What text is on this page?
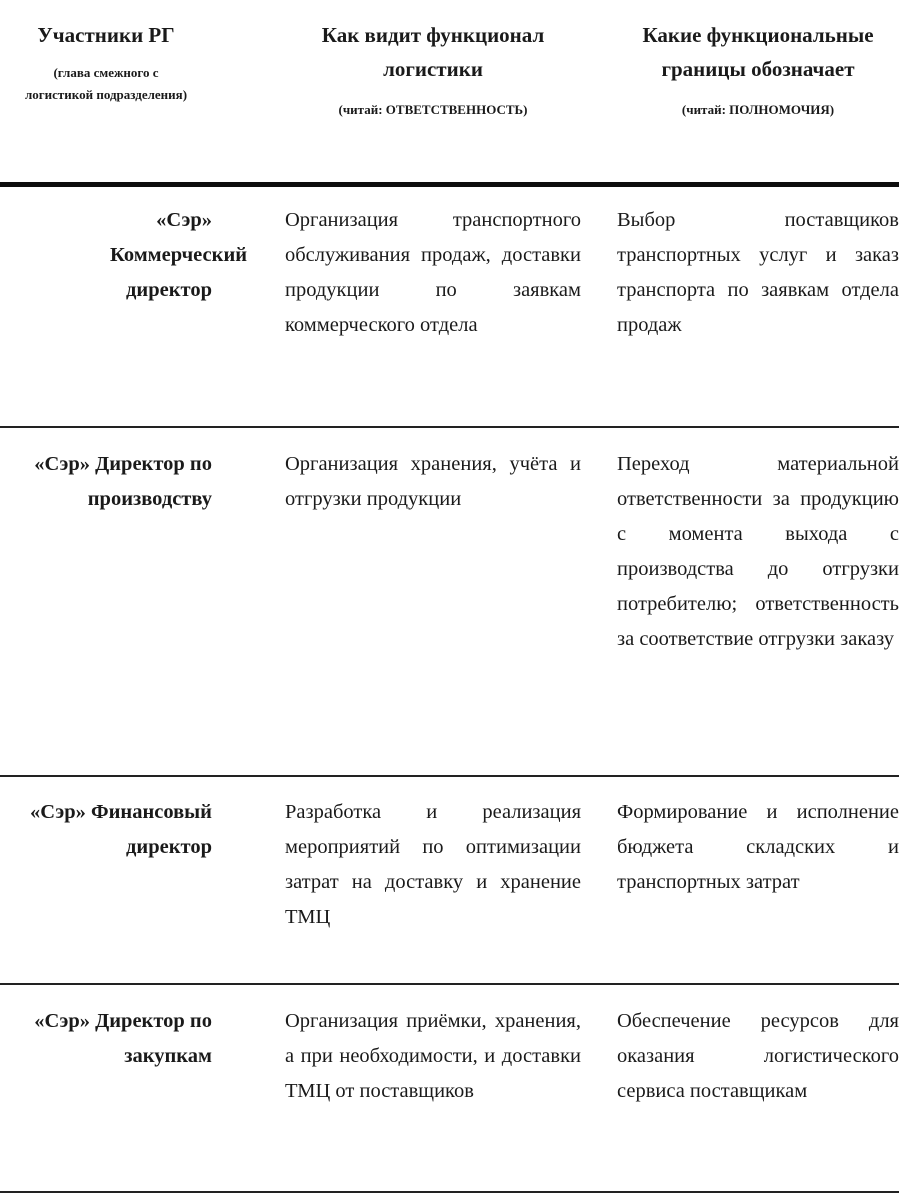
Участники РГ
(глава смежного с
логистикой подразделения)
Как видит функционал
логистики
(читай: ОТВЕТСТВЕННОСТЬ)
Какие функциональные
границы обозначает
(читай: ПОЛНОМОЧИЯ)
«Сэр» Коммерческий директор
Организация транспортного обслуживания продаж, доставки продукции по заявкам коммерческого отдела
Выбор поставщиков транспортных услуг и заказ транспорта по заявкам отдела продаж
«Сэр» Директор по производству
Организация хранения, учёта и отгрузки продукции
Переход материальной ответственности за продукцию с момента выхода с производства до отгрузки потребителю; ответственность за соответствие отгрузки заказу
«Сэр» Финансовый директор
Разработка и реализация мероприятий по оптимизации затрат на доставку и хранение ТМЦ
Формирование и исполнение бюджета складских и транспортных затрат
«Сэр» Директор по закупкам
Организация приёмки, хранения, а при необходимости, и доставки ТМЦ от поставщиков
Обеспечение ресурсов для оказания логистического сервиса поставщикам
